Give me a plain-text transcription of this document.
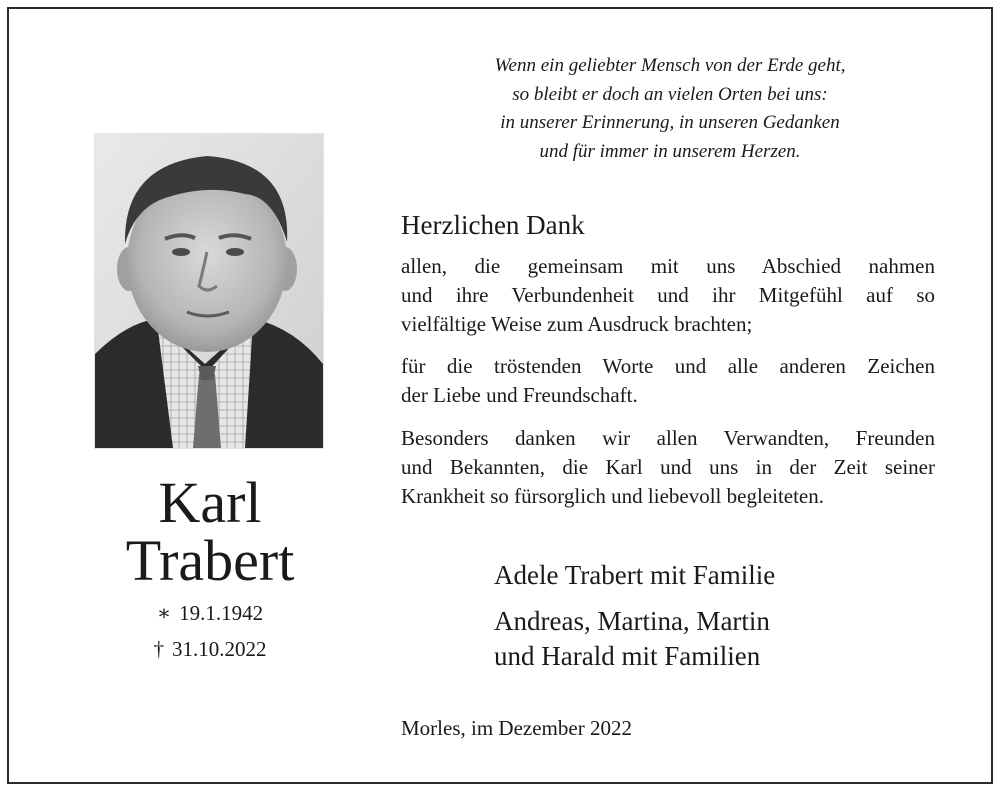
Wenn ein geliebter Mensch von der Erde geht,
so bleibt er doch an vielen Orten bei uns:
in unserer Erinnerung, in unseren Gedanken
und für immer in unserem Herzen.
Karl
Trabert
∗ 19.1.1942
† 31.10.2022
Herzlichen Dank
allen, die gemeinsam mit uns Abschied nahmen
und ihre Verbundenheit und ihr Mitgefühl auf so
vielfältige Weise zum Ausdruck brachten;
für die tröstenden Worte und alle anderen Zeichen
der Liebe und Freundschaft.
Besonders danken wir allen Verwandten, Freunden
und Bekannten, die Karl und uns in der Zeit seiner
Krankheit so fürsorglich und liebevoll begleiteten.
Adele Trabert mit Familie
Andreas, Martina, Martin
und Harald mit Familien
Morles, im Dezember 2022
